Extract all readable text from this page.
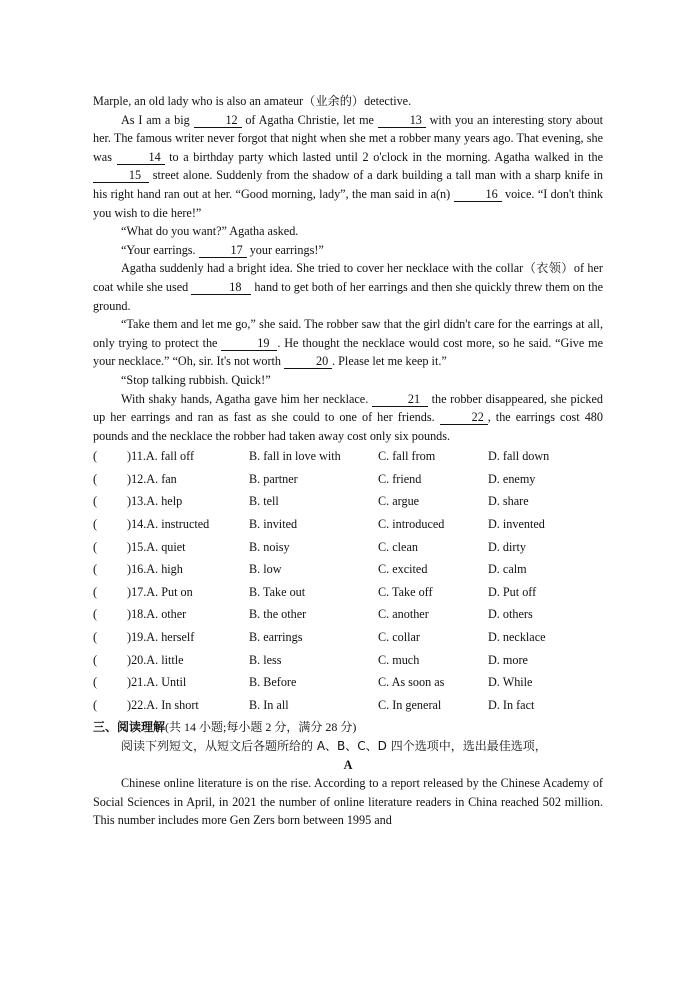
Marple, an old lady who is also an amateur（业余的）detective.

As I am a big	12 of Agatha Christie, let me	13 with you an interesting story about her. The famous writer never forgot that night when she met a robber many years ago. That evening, she was	14 to a birthday party which lasted until 2 o'clock in the morning. Agatha walked in the 15 street alone. Suddenly from the shadow of a dark building a tall man with a sharp knife in his right hand ran out at her. “Good morning, lady”, the man said in a(n)	16 voice. “I don't think you wish to die here!”

“What do you want?” Agatha asked.

“Your earrings.	17 your earrings!”

Agatha suddenly had a bright idea. She tried to cover her necklace with the collar（衣领）of her coat while she used	18 hand to get both of her earrings and then she quickly threw them on the ground.

“Take them and let me go,” she said. The robber saw that the girl didn't care for the earrings at all, only trying to protect the	19 . He thought the necklace would cost more, so he said. “Give me your necklace.” “Oh, sir. It's not worth	20 . Please let me keep it.”

“Stop talking rubbish. Quick!”

With shaky hands, Agatha gave him her necklace.	21 the robber disappeared, she picked up her earrings and ran as fast as she could to one of her friends.	22 , the earrings cost 480 pounds and the necklace the robber had taken away cost only six pounds.

(	)11.A. fall off	B. fall in love with	C. fall from	D. fall down
(	)12.A. fan	B. partner	C. friend	D. enemy
(	)13.A. help	B. tell	C. argue	D. share
(	)14.A. instructed	B. invited	C. introduced	D. invented
(	)15.A. quiet	B. noisy	C. clean	D. dirty
(	)16.A. high	B. low	C. excited	D. calm
(	)17.A. Put on	B. Take out	C. Take off	D. Put off
(	)18.A. other	B. the other	C. another	D. others
(	)19.A. herself	B. earrings	C. collar	D. necklace
(	)20.A. little	B. less	C. much	D. more
(	)21.A. Until	B. Before	C. As soon as	D. While
(	)22.A. In short	B. In all	C. In general	D. In fact
三、阅读理解(共 14 小题;每小题 2 分，满分 28 分)

阅读下列短文，从短文后各题所给的 A、B、C、D 四个选项中，选出最佳选项，

A

Chinese online literature is on the rise. According to a report released by the Chinese Academy of Social Sciences in April, in 2021 the number of online literature readers in China reached 502 million. This number includes more Gen Zers born between 1995 and
